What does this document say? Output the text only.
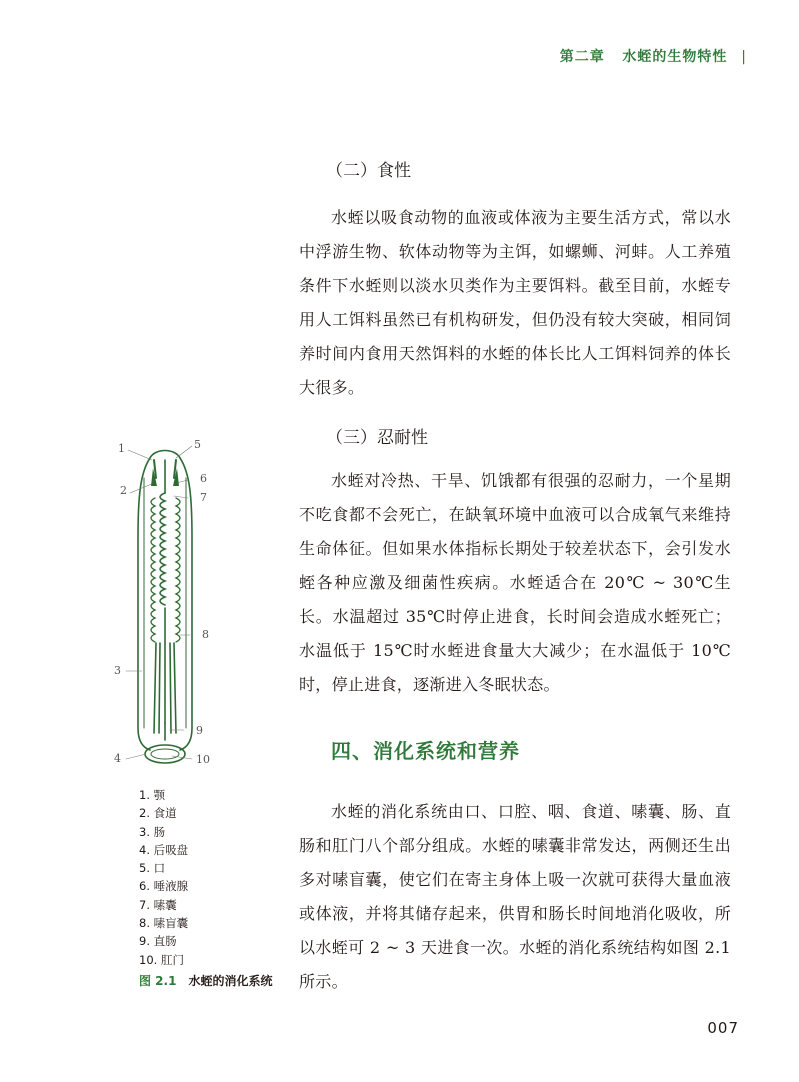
第二章 水蛭的生物特性 |
（二）食性

水蛭以吸食动物的血液或体液为主要生活方式，常以水中浮游生物、软体动物等为主饵，如螺蛳、河蚌。人工养殖条件下水蛭则以淡水贝类作为主要饵料。截至目前，水蛭专用人工饵料虽然已有机构研发，但仍没有较大突破，相同饲养时间内食用天然饵料的水蛭的体长比人工饵料饲养的体长大很多。

（三）忍耐性

水蛭对冷热、干旱、饥饿都有很强的忍耐力，一个星期不吃食都不会死亡，在缺氧环境中血液可以合成氧气来维持生命体征。但如果水体指标长期处于较差状态下，会引发水蛭各种应激及细菌性疾病。水蛭适合在 20℃ ~ 30℃生长。水温超过 35℃时停止进食，长时间会造成水蛭死亡；水温低于 15℃时水蛭进食量大大减少；在水温低于 10℃时，停止进食，逐渐进入冬眠状态。

四、消化系统和营养

水蛭的消化系统由口、口腔、咽、食道、嗉囊、肠、直肠和肛门八个部分组成。水蛭的嗉囊非常发达，两侧还生出多对嗉盲囊，使它们在寄主身体上吸一次就可获得大量血液或体液，并将其储存起来，供胃和肠长时间地消化吸收，所以水蛭可 2 ~ 3 天进食一次。水蛭的消化系统结构如图 2.1 所示。

1	5
6
2
7
8
3
9
4	10
1. 颚
2. 食道
3. 肠
4. 后吸盘
5. 口
6. 唾液腺
7. 嗉囊
8. 嗉盲囊
9. 直肠
10. 肛门
图 2.1 水蛭的消化系统
007
